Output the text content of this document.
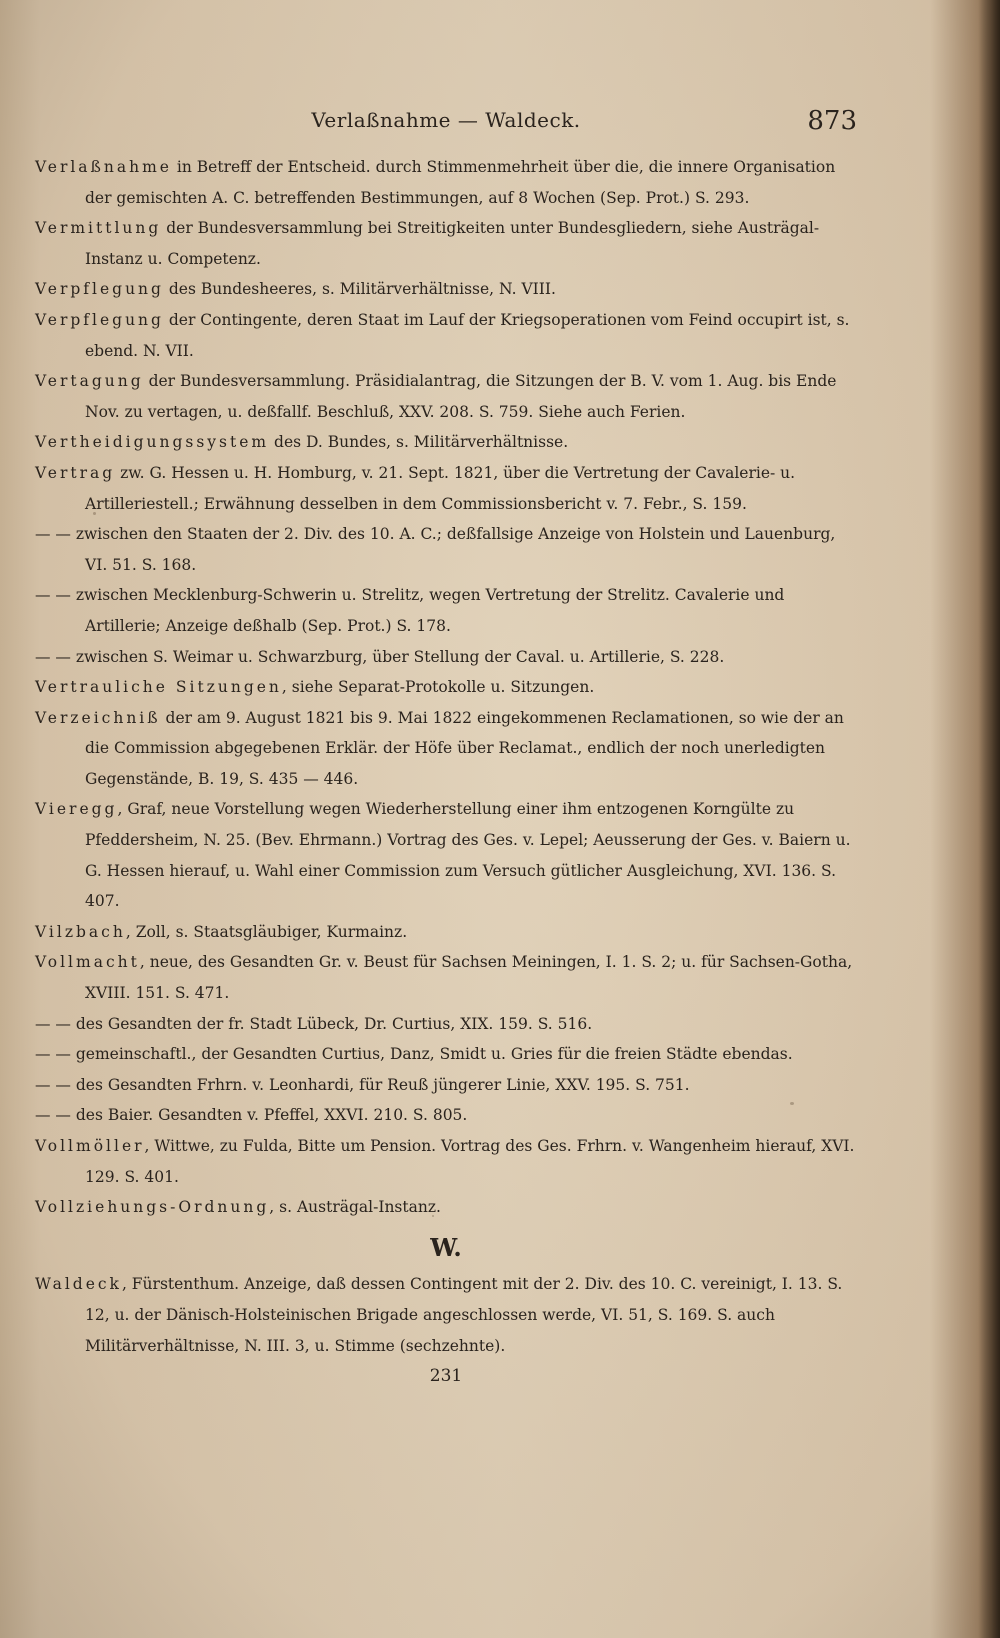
Verlaßnahme — Waldeck.	873

Verlaßnahme in Betreff der Entscheid. durch Stimmenmehrheit über die, die innere Organisation der gemischten A. C. betreffenden Bestimmungen, auf 8 Wochen (Sep. Prot.) S. 293.

Vermittlung der Bundesversammlung bei Streitigkeiten unter Bundesgliedern, siehe Austrägal-Instanz u. Competenz.

Verpflegung des Bundesheeres, s. Militärverhältnisse, N. VIII.

Verpflegung der Contingente, deren Staat im Lauf der Kriegsoperationen vom Feind occupirt ist, s. ebend. N. VII.

Vertagung der Bundesversammlung. Präsidialantrag, die Sitzungen der B. V. vom 1. Aug. bis Ende Nov. zu vertagen, u. deßfallf. Beschluß, XXV. 208. S. 759. Siehe auch Ferien.

Vertheidigungssystem des D. Bundes, s. Militärverhältnisse.

Vertrag zw. G. Hessen u. H. Homburg, v. 21. Sept. 1821, über die Vertretung der Cavalerie- u. Artilleriestell.; Erwähnung desselben in dem Commissionsbericht v. 7. Febr., S. 159.

— — zwischen den Staaten der 2. Div. des 10. A. C.; deßfallsige Anzeige von Holstein und Lauenburg, VI. 51. S. 168.

— — zwischen Mecklenburg-Schwerin u. Strelitz, wegen Vertretung der Strelitz. Cavalerie und Artillerie; Anzeige deßhalb (Sep. Prot.) S. 178.

— — zwischen S. Weimar u. Schwarzburg, über Stellung der Caval. u. Artillerie, S. 228.

Vertrauliche Sitzungen, siehe Separat-Protokolle u. Sitzungen.

Verzeichniß der am 9. August 1821 bis 9. Mai 1822 eingekommenen Reclamationen, so wie der an die Commission abgegebenen Erklär. der Höfe über Reclamat., endlich der noch unerledigten Gegenstände, B. 19, S. 435 — 446.

Vieregg, Graf, neue Vorstellung wegen Wiederherstellung einer ihm entzogenen Korngülte zu Pfeddersheim, N. 25. (Bev. Ehrmann.) Vortrag des Ges. v. Lepel; Aeusserung der Ges. v. Baiern u. G. Hessen hierauf, u. Wahl einer Commission zum Versuch gütlicher Ausgleichung, XVI. 136. S. 407.

Vilzbach, Zoll, s. Staatsgläubiger, Kurmainz.

Vollmacht, neue, des Gesandten Gr. v. Beust für Sachsen Meiningen, I. 1. S. 2; u. für Sachsen-Gotha, XVIII. 151. S. 471.

— — des Gesandten der fr. Stadt Lübeck, Dr. Curtius, XIX. 159. S. 516.

— — gemeinschaftl., der Gesandten Curtius, Danz, Smidt u. Gries für die freien Städte ebendas.

— — des Gesandten Frhrn. v. Leonhardi, für Reuß jüngerer Linie, XXV. 195. S. 751.

— — des Baier. Gesandten v. Pfeffel, XXVI. 210. S. 805.

Vollmöller, Wittwe, zu Fulda, Bitte um Pension. Vortrag des Ges. Frhrn. v. Wangenheim hierauf, XVI. 129. S. 401.

Vollziehungs-Ordnung, s. Austrägal-Instanz.

W.

Waldeck, Fürstenthum. Anzeige, daß dessen Contingent mit der 2. Div. des 10. C. vereinigt, I. 13. S. 12, u. der Dänisch-Holsteinischen Brigade angeschlossen werde, VI. 51, S. 169. S. auch Militärverhältnisse, N. III. 3, u. Stimme (sechzehnte).

231
